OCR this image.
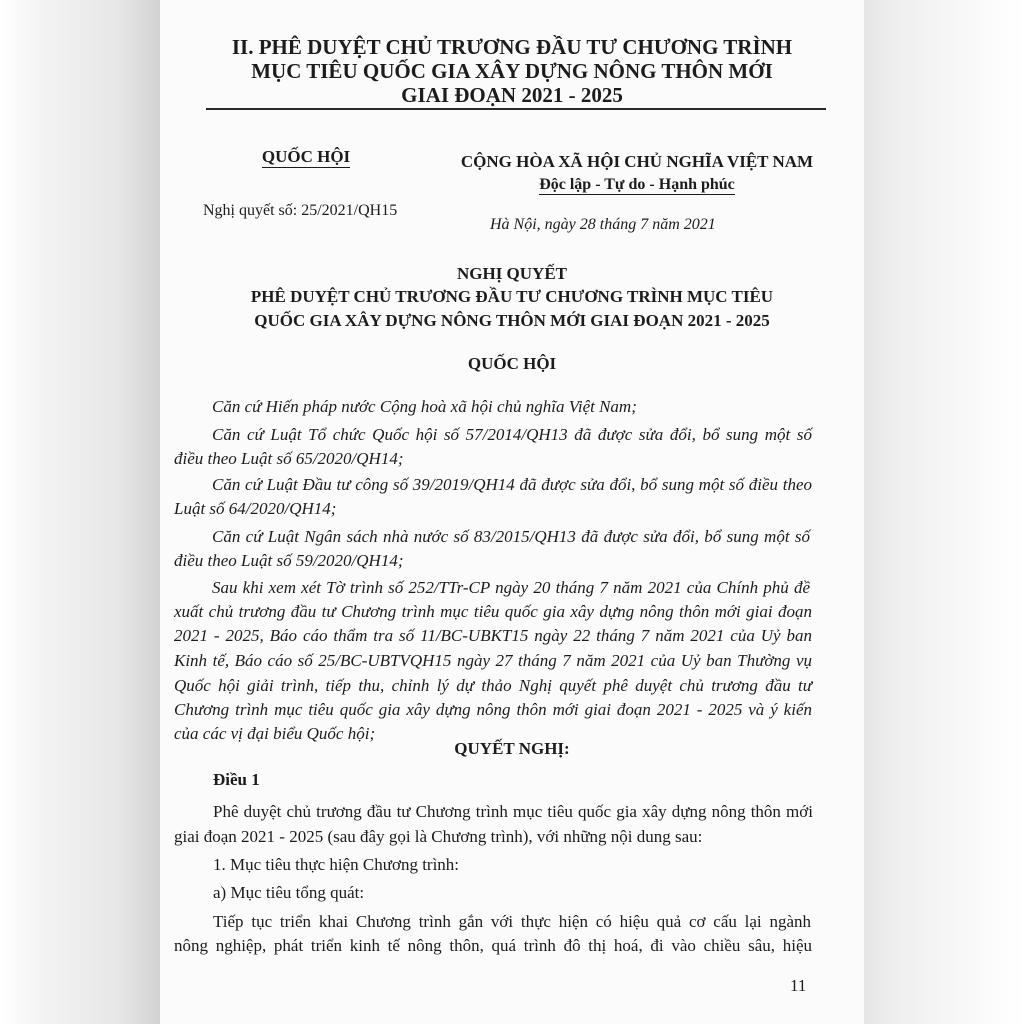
II. PHÊ DUYỆT CHỦ TRƯƠNG ĐẦU TƯ CHƯƠNG TRÌNH
MỤC TIÊU QUỐC GIA XÂY DỰNG NÔNG THÔN MỚI
GIAI ĐOẠN 2021 - 2025
QUỐC HỘI	CỘNG HÒA XÃ HỘI CHỦ NGHĨA VIỆT NAM
Độc lập - Tự do - Hạnh phúc
Nghị quyết số: 25/2021/QH15
Hà Nội, ngày 28 tháng 7 năm 2021
NGHỊ QUYẾT
PHÊ DUYỆT CHỦ TRƯƠNG ĐẦU TƯ CHƯƠNG TRÌNH MỤC TIÊU
QUỐC GIA XÂY DỰNG NÔNG THÔN MỚI GIAI ĐOẠN 2021 - 2025
QUỐC HỘI
Căn cứ Hiến pháp nước Cộng hoà xã hội chủ nghĩa Việt Nam;
Căn cứ Luật Tổ chức Quốc hội số 57/2014/QH13 đã được sửa đổi, bổ sung một số
điều theo Luật số 65/2020/QH14;
Căn cứ Luật Đầu tư công số 39/2019/QH14 đã được sửa đổi, bổ sung một số điều theo
Luật số 64/2020/QH14;
Căn cứ Luật Ngân sách nhà nước số 83/2015/QH13 đã được sửa đổi, bổ sung một số
điều theo Luật số 59/2020/QH14;
Sau khi xem xét Tờ trình số 252/TTr-CP ngày 20 tháng 7 năm 2021 của Chính phủ đề
xuất chủ trương đầu tư Chương trình mục tiêu quốc gia xây dựng nông thôn mới giai đoạn
2021 - 2025, Báo cáo thẩm tra số 11/BC-UBKT15 ngày 22 tháng 7 năm 2021 của Uỷ ban
Kinh tế, Báo cáo số 25/BC-UBTVQH15 ngày 27 tháng 7 năm 2021 của Uỷ ban Thường vụ
Quốc hội giải trình, tiếp thu, chỉnh lý dự thảo Nghị quyết phê duyệt chủ trương đầu tư
Chương trình mục tiêu quốc gia xây dựng nông thôn mới giai đoạn 2021 - 2025 và ý kiến
của các vị đại biểu Quốc hội;
QUYẾT NGHỊ:
Điều 1
Phê duyệt chủ trương đầu tư Chương trình mục tiêu quốc gia xây dựng nông thôn mới
giai đoạn 2021 - 2025 (sau đây gọi là Chương trình), với những nội dung sau:
1. Mục tiêu thực hiện Chương trình:
a) Mục tiêu tổng quát:
Tiếp tục triển khai Chương trình gắn với thực hiện có hiệu quả cơ cấu lại ngành
nông nghiệp, phát triển kinh tế nông thôn, quá trình đô thị hoá, đi vào chiều sâu, hiệu
11
